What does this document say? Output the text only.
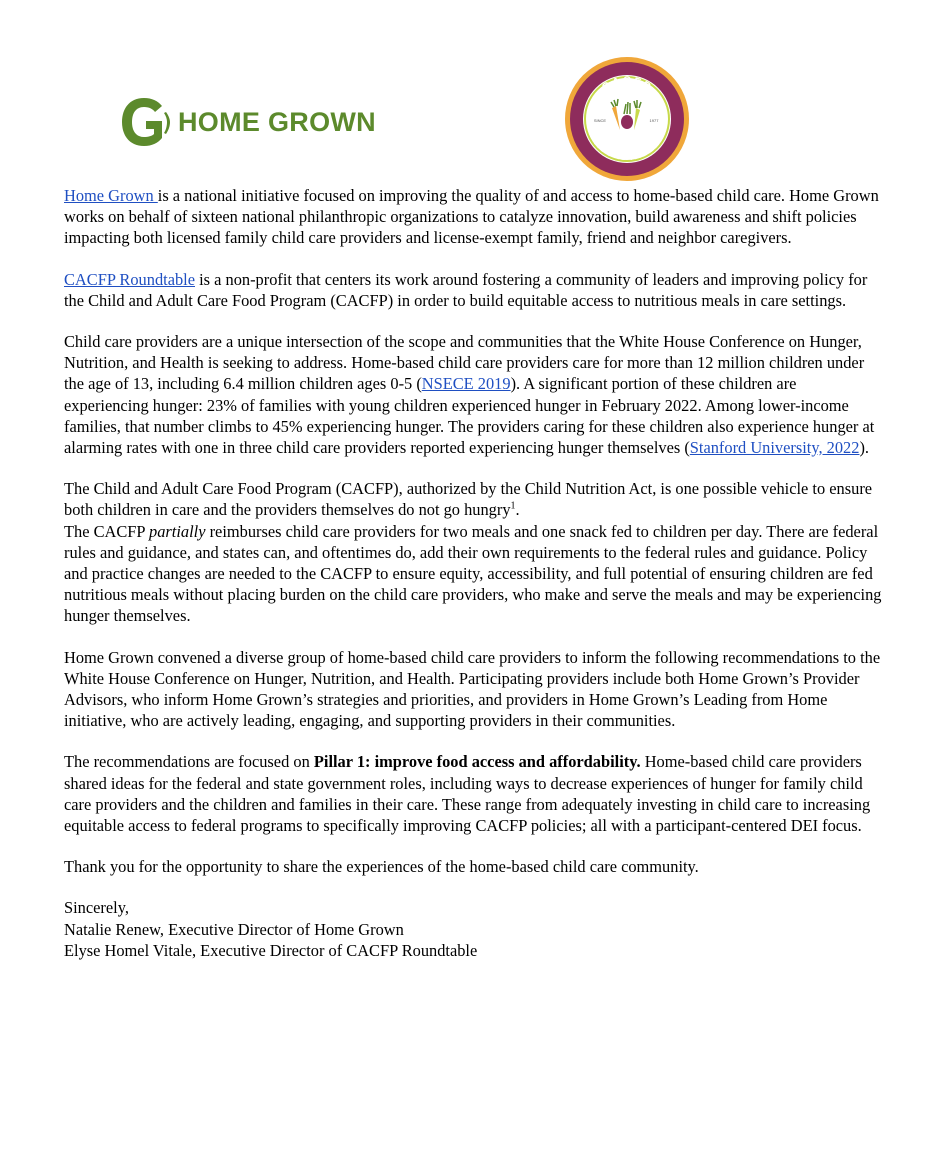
HOME GROWN
CACFP
ROUNDTABLE
SINCE	1977

Home Grown is a national initiative focused on improving the quality of and access to home-based child care. Home Grown works on behalf of sixteen national philanthropic organizations to catalyze innovation, build awareness and shift policies impacting both licensed family child care providers and license-exempt family, friend and neighbor caregivers.

CACFP Roundtable is a non-profit that centers its work around fostering a community of leaders and improving policy for the Child and Adult Care Food Program (CACFP) in order to build equitable access to nutritious meals in care settings.

Child care providers are a unique intersection of the scope and communities that the White House Conference on Hunger, Nutrition, and Health is seeking to address. Home-based child care providers care for more than 12 million children under the age of 13, including 6.4 million children ages 0-5 (NSECE 2019). A significant portion of these children are experiencing hunger: 23% of families with young children experienced hunger in February 2022. Among lower-income families, that number climbs to 45% experiencing hunger. The providers caring for these children also experience hunger at alarming rates with one in three child care providers reported experiencing hunger themselves (Stanford University, 2022).

The Child and Adult Care Food Program (CACFP), authorized by the Child Nutrition Act, is one possible vehicle to ensure both children in care and the providers themselves do not go hungry$^1$.
The CACFP partially reimburses child care providers for two meals and one snack fed to children per day. There are federal rules and guidance, and states can, and oftentimes do, add their own requirements to the federal rules and guidance. Policy and practice changes are needed to the CACFP to ensure equity, accessibility, and full potential of ensuring children are fed nutritious meals without placing burden on the child care providers, who make and serve the meals and may be experiencing hunger themselves.

Home Grown convened a diverse group of home-based child care providers to inform the following recommendations to the White House Conference on Hunger, Nutrition, and Health. Participating providers include both Home Grown’s Provider Advisors, who inform Home Grown’s strategies and priorities, and providers in Home Grown’s Leading from Home initiative, who are actively leading, engaging, and supporting providers in their communities.

The recommendations are focused on Pillar 1: improve food access and affordability. Home-based child care providers shared ideas for the federal and state government roles, including ways to decrease experiences of hunger for family child care providers and the children and families in their care. These range from adequately investing in child care to increasing equitable access to federal programs to specifically improving CACFP policies; all with a participant-centered DEI focus.

Thank you for the opportunity to share the experiences of the home-based child care community.

Sincerely,

Natalie Renew, Executive Director of Home Grown

Elyse Homel Vitale, Executive Director of CACFP Roundtable
